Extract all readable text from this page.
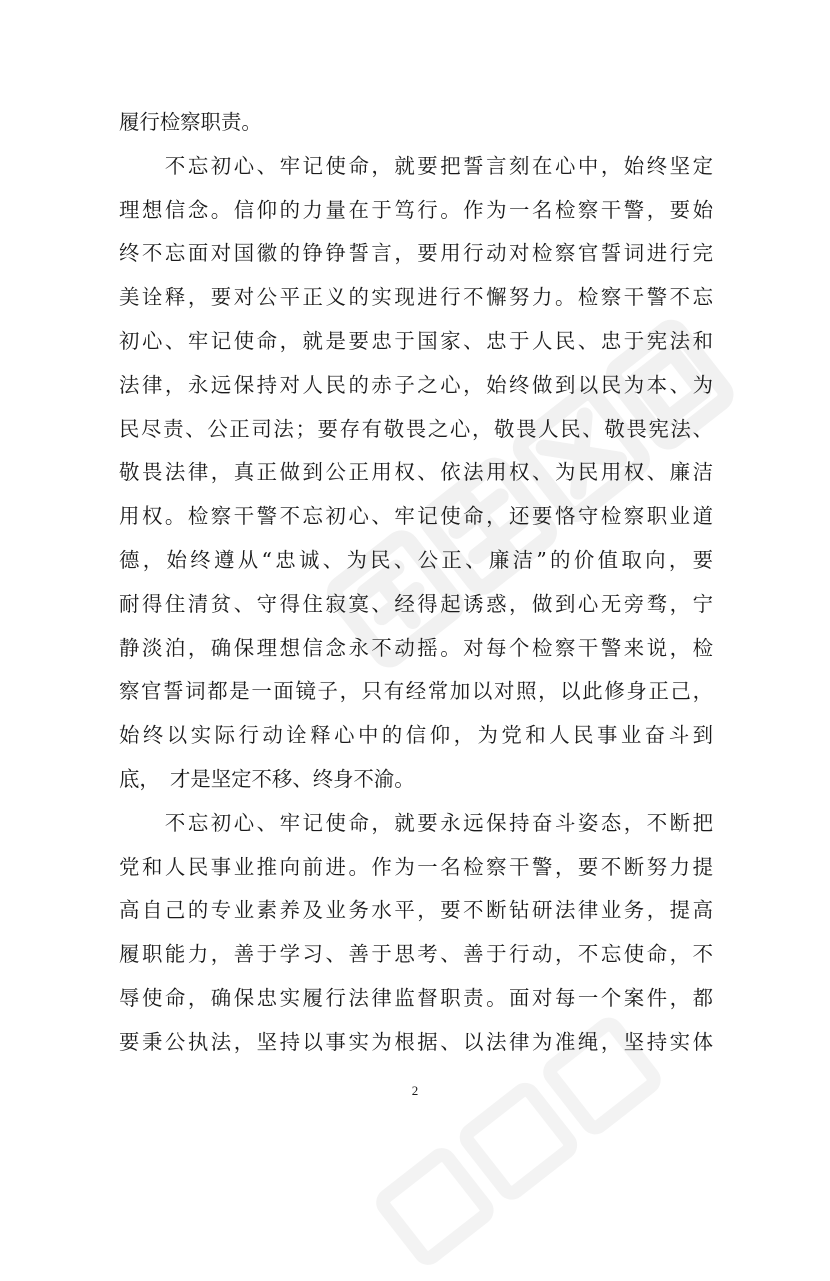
履行检察职责。
　　不忘初心、牢记使命，就要把誓言刻在心中，始终坚定
理想信念。信仰的力量在于笃行。作为一名检察干警，要始
终不忘面对国徽的铮铮誓言，要用行动对检察官誓词进行完
美诠释，要对公平正义的实现进行不懈努力。检察干警不忘
初心、牢记使命，就是要忠于国家、忠于人民、忠于宪法和
法律，永远保持对人民的赤子之心，始终做到以民为本、为
民尽责、公正司法；要存有敬畏之心，敬畏人民、敬畏宪法、
敬畏法律，真正做到公正用权、依法用权、为民用权、廉洁
用权。检察干警不忘初心、牢记使命，还要恪守检察职业道
德，始终遵从“忠诚、为民、公正、廉洁”的价值取向，要
耐得住清贫、守得住寂寞、经得起诱惑，做到心无旁骛，宁
静淡泊，确保理想信念永不动摇。对每个检察干警来说，检
察官誓词都是一面镜子，只有经常加以对照，以此修身正己，
始终以实际行动诠释心中的信仰，为党和人民事业奋斗到
底，　才是坚定不移、终身不渝。
　　不忘初心、牢记使命，就要永远保持奋斗姿态，不断把
党和人民事业推向前进。作为一名检察干警，要不断努力提
高自己的专业素养及业务水平，要不断钻研法律业务，提高
履职能力，善于学习、善于思考、善于行动，不忘使命，不
辱使命，确保忠实履行法律监督职责。面对每一个案件，都
要秉公执法，坚持以事实为根据、以法律为准绳，坚持实体
2
